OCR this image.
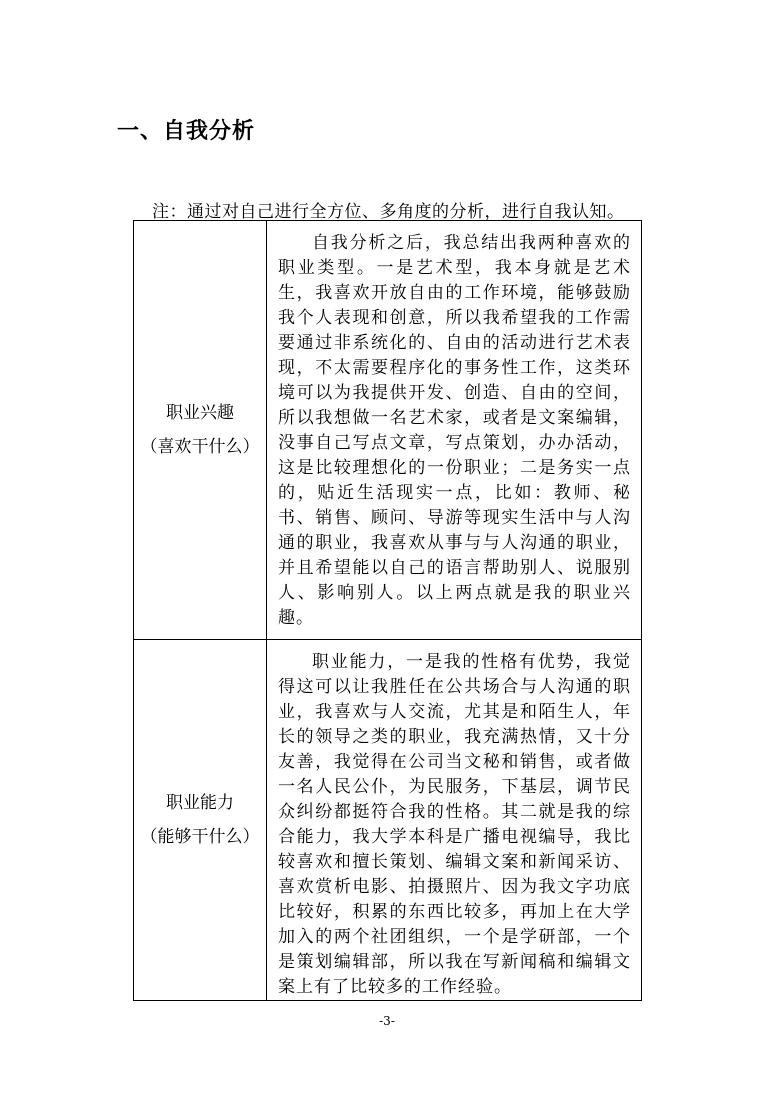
一、自我分析
注：通过对自己进行全方位、多角度的分析，进行自我认知。
职业兴趣
（喜欢干什么）	自我分析之后，我总结出我两种喜欢的职业类型。一是艺术型，我本身就是艺术生，我喜欢开放自由的工作环境，能够鼓励我个人表现和创意，所以我希望我的工作需要通过非系统化的、自由的活动进行艺术表现，不太需要程序化的事务性工作，这类环境可以为我提供开发、创造、自由的空间，所以我想做一名艺术家，或者是文案编辑，没事自己写点文章，写点策划，办办活动，这是比较理想化的一份职业；二是务实一点的，贴近生活现实一点，比如：教师、秘书、销售、顾问、导游等现实生活中与人沟通的职业，我喜欢从事与与人沟通的职业，并且希望能以自己的语言帮助别人、说服别人、影响别人。以上两点就是我的职业兴趣。

职业能力
（能够干什么）	职业能力，一是我的性格有优势，我觉得这可以让我胜任在公共场合与人沟通的职业，我喜欢与人交流，尤其是和陌生人，年长的领导之类的职业，我充满热情，又十分友善，我觉得在公司当文秘和销售，或者做一名人民公仆，为民服务，下基层，调节民众纠纷都挺符合我的性格。其二就是我的综合能力，我大学本科是广播电视编导，我比较喜欢和擅长策划、编辑文案和新闻采访、喜欢赏析电影、拍摄照片、因为我文字功底比较好，积累的东西比较多，再加上在大学加入的两个社团组织，一个是学研部，一个是策划编辑部，所以我在写新闻稿和编辑文案上有了比较多的工作经验。
-3-
